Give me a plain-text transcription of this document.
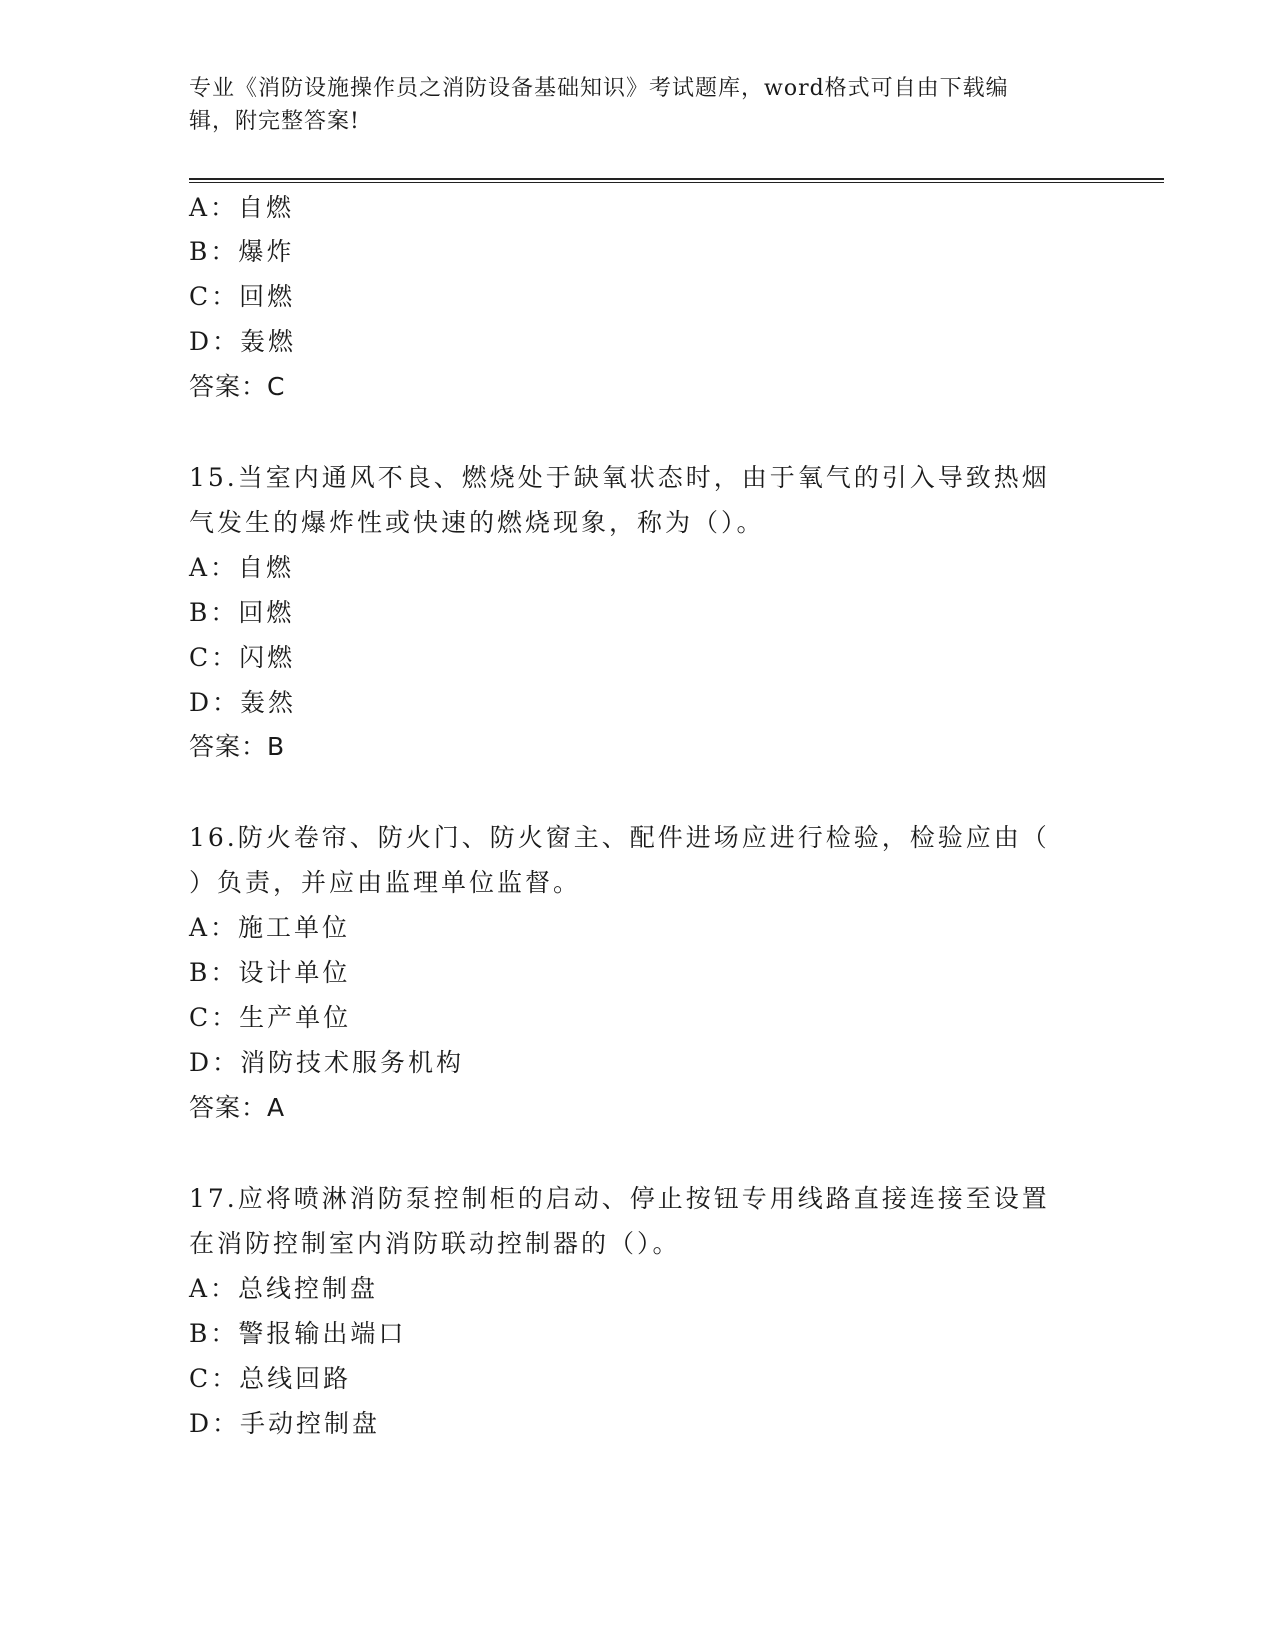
专业《消防设施操作员之消防设备基础知识》考试题库，word格式可自由下载编
辑，附完整答案!
A：自燃
B：爆炸
C：回燃
D：轰燃
答案：C
15.当室内通风不良、燃烧处于缺氧状态时，由于氧气的引入导致热烟
气发生的爆炸性或快速的燃烧现象，称为（）。
A：自燃
B：回燃
C：闪燃
D：轰然
答案：B
16.防火卷帘、防火门、防火窗主、配件进场应进行检验，检验应由（
）负责，并应由监理单位监督。
A：施工单位
B：设计单位
C：生产单位
D：消防技术服务机构
答案：A
17.应将喷淋消防泵控制柜的启动、停止按钮专用线路直接连接至设置
在消防控制室内消防联动控制器的（）。
A：总线控制盘
B：警报输出端口
C：总线回路
D：手动控制盘
